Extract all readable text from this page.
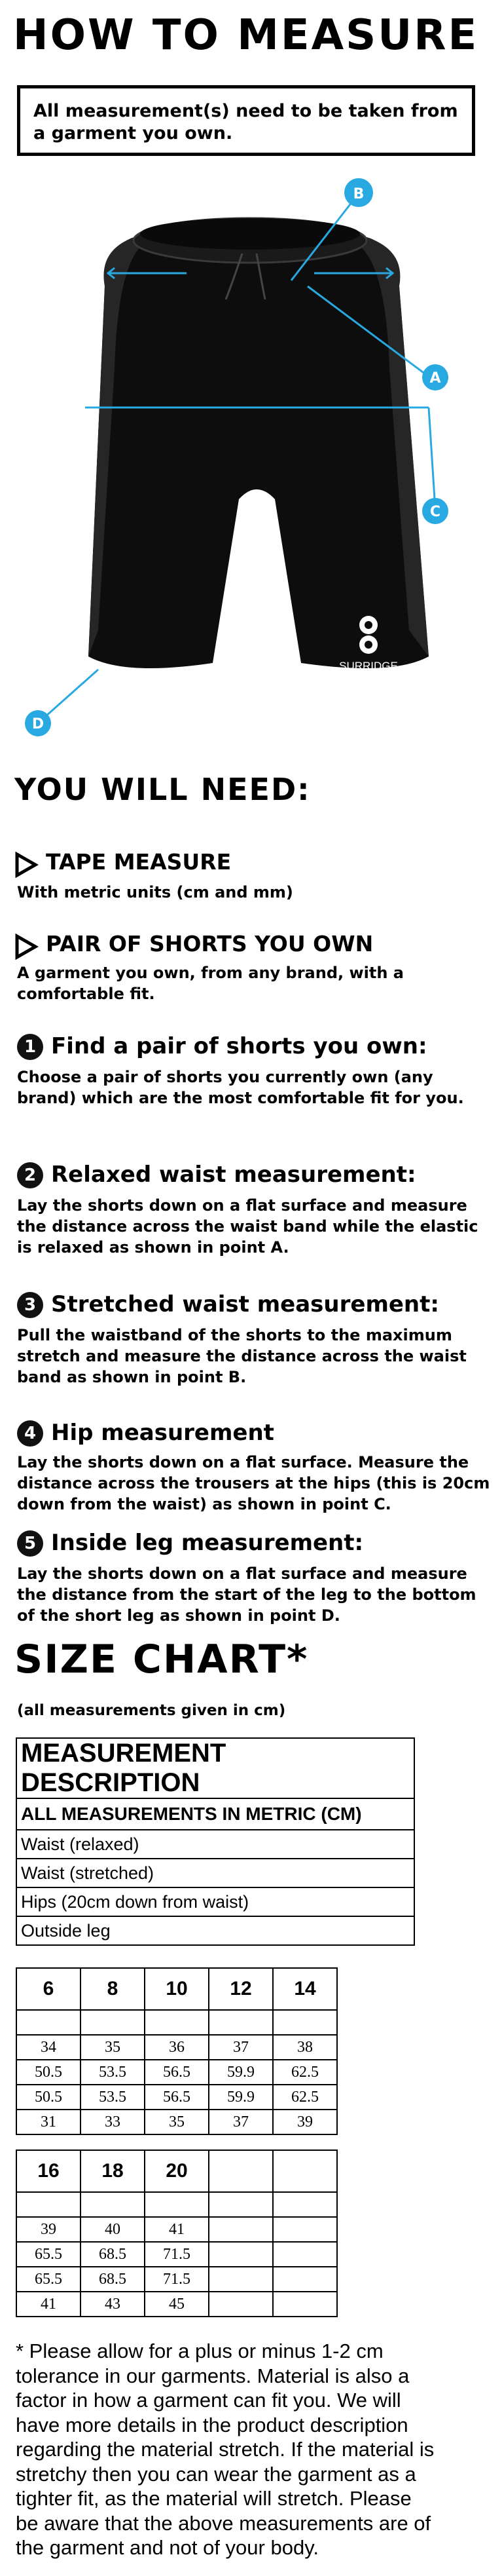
HOW TO MEASURE
All measurement(s) need to be taken from a garment you own.
SURRIDGE
B
A
C
D
YOU WILL NEED:
TAPE MEASURE
With metric units (cm and mm)
PAIR OF SHORTS YOU OWN
A garment you own, from any brand, with a comfortable fit.
1 Find a pair of shorts you own:
Choose a pair of shorts you currently own (any brand) which are the most comfortable fit for you.
2 Relaxed waist measurement:
Lay the shorts down on a flat surface and measure the distance across the waist band while the elastic is relaxed as shown in point A.
3 Stretched waist measurement:
Pull the waistband of the shorts to the maximum stretch and measure the distance across the waist band as shown in point B.
4 Hip measurement
Lay the shorts down on a flat surface. Measure the distance across the trousers at the hips (this is 20cm down from the waist) as shown in point C.
5 Inside leg measurement:
Lay the shorts down on a flat surface and measure the distance from the start of the leg to the bottom of the short leg as shown in point D.
SIZE CHART*
(all measurements given in cm)
MEASUREMENT DESCRIPTION
ALL MEASUREMENTS IN METRIC (CM)
Waist (relaxed)
Waist (stretched)
Hips (20cm down from waist)
Outside leg
6	8	10	12	14

34	35	36	37	38
50.5	53.5	56.5	59.9	62.5
50.5	53.5	56.5	59.9	62.5
31	33	35	37	39
16	18	20		

39	40	41		
65.5	68.5	71.5		
65.5	68.5	71.5		
41	43	45		
* Please allow for a plus or minus 1-2 cm tolerance in our garments. Material is also a factor in how a garment can fit you. We will have more details in the product description regarding the material stretch. If the material is stretchy then you can wear the garment as a tighter fit, as the material will stretch. Please be aware that the above measurements are of the garment and not of your body.
